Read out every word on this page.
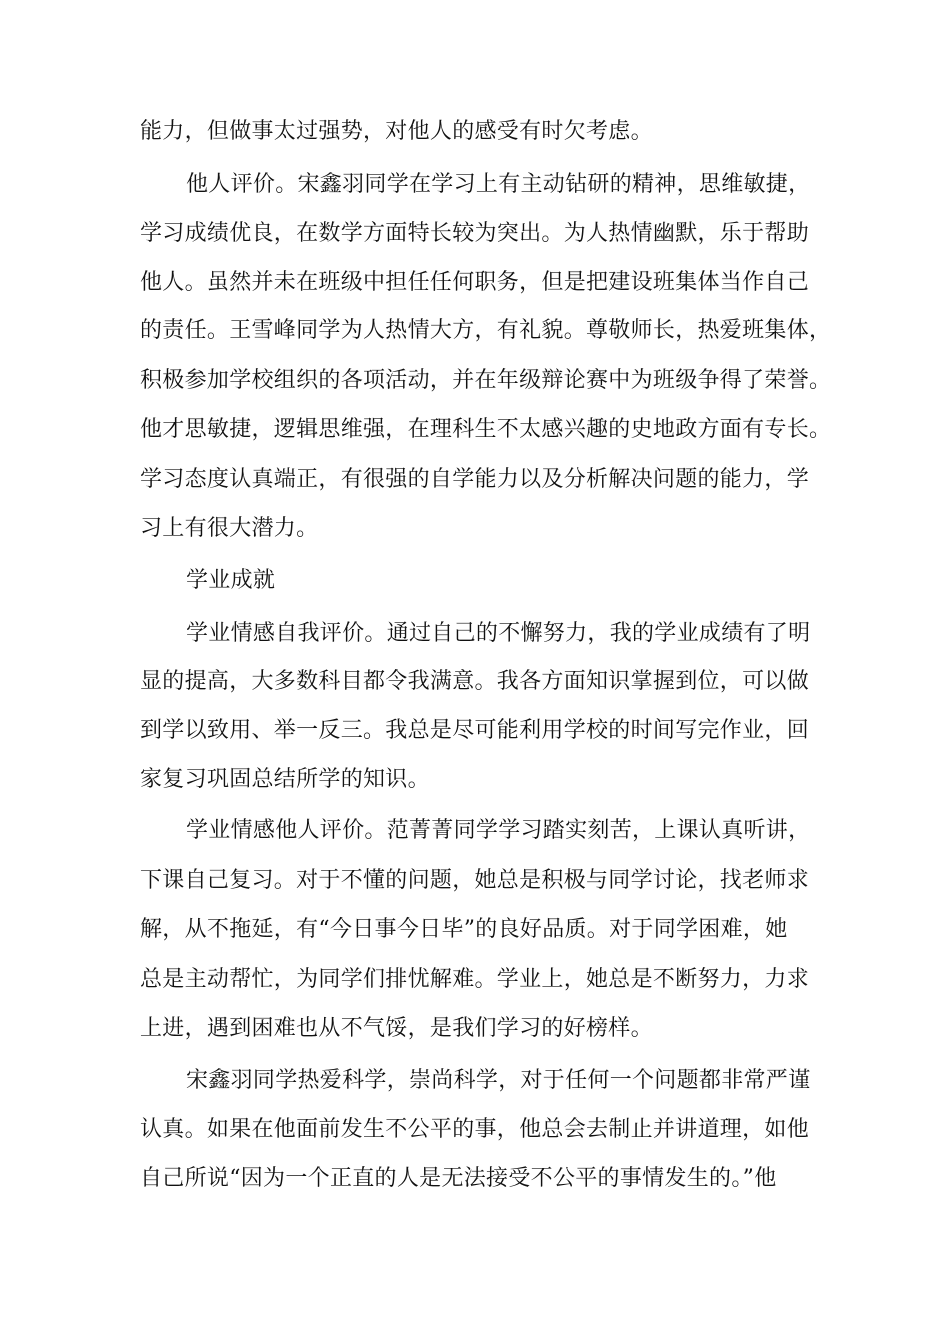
能力，但做事太过强势，对他人的感受有时欠考虑。
他人评价。宋鑫羽同学在学习上有主动钻研的精神，思维敏捷，
学习成绩优良，在数学方面特长较为突出。为人热情幽默，乐于帮助
他人。虽然并未在班级中担任任何职务，但是把建设班集体当作自己
的责任。王雪峰同学为人热情大方，有礼貌。尊敬师长，热爱班集体，
积极参加学校组织的各项活动，并在年级辩论赛中为班级争得了荣誉。
他才思敏捷，逻辑思维强，在理科生不太感兴趣的史地政方面有专长。
学习态度认真端正，有很强的自学能力以及分析解决问题的能力，学
习上有很大潜力。
学业成就
学业情感自我评价。通过自己的不懈努力，我的学业成绩有了明
显的提高，大多数科目都令我满意。我各方面知识掌握到位，可以做
到学以致用、举一反三。我总是尽可能利用学校的时间写完作业，回
家复习巩固总结所学的知识。
学业情感他人评价。范菁菁同学学习踏实刻苦，上课认真听讲，
下课自己复习。对于不懂的问题，她总是积极与同学讨论，找老师求
解，从不拖延，有“今日事今日毕”的良好品质。对于同学困难，她
总是主动帮忙，为同学们排忧解难。学业上，她总是不断努力，力求
上进，遇到困难也从不气馁，是我们学习的好榜样。
宋鑫羽同学热爱科学，崇尚科学，对于任何一个问题都非常严谨
认真。如果在他面前发生不公平的事，他总会去制止并讲道理，如他
自己所说“因为一个正直的人是无法接受不公平的事情发生的。”他
